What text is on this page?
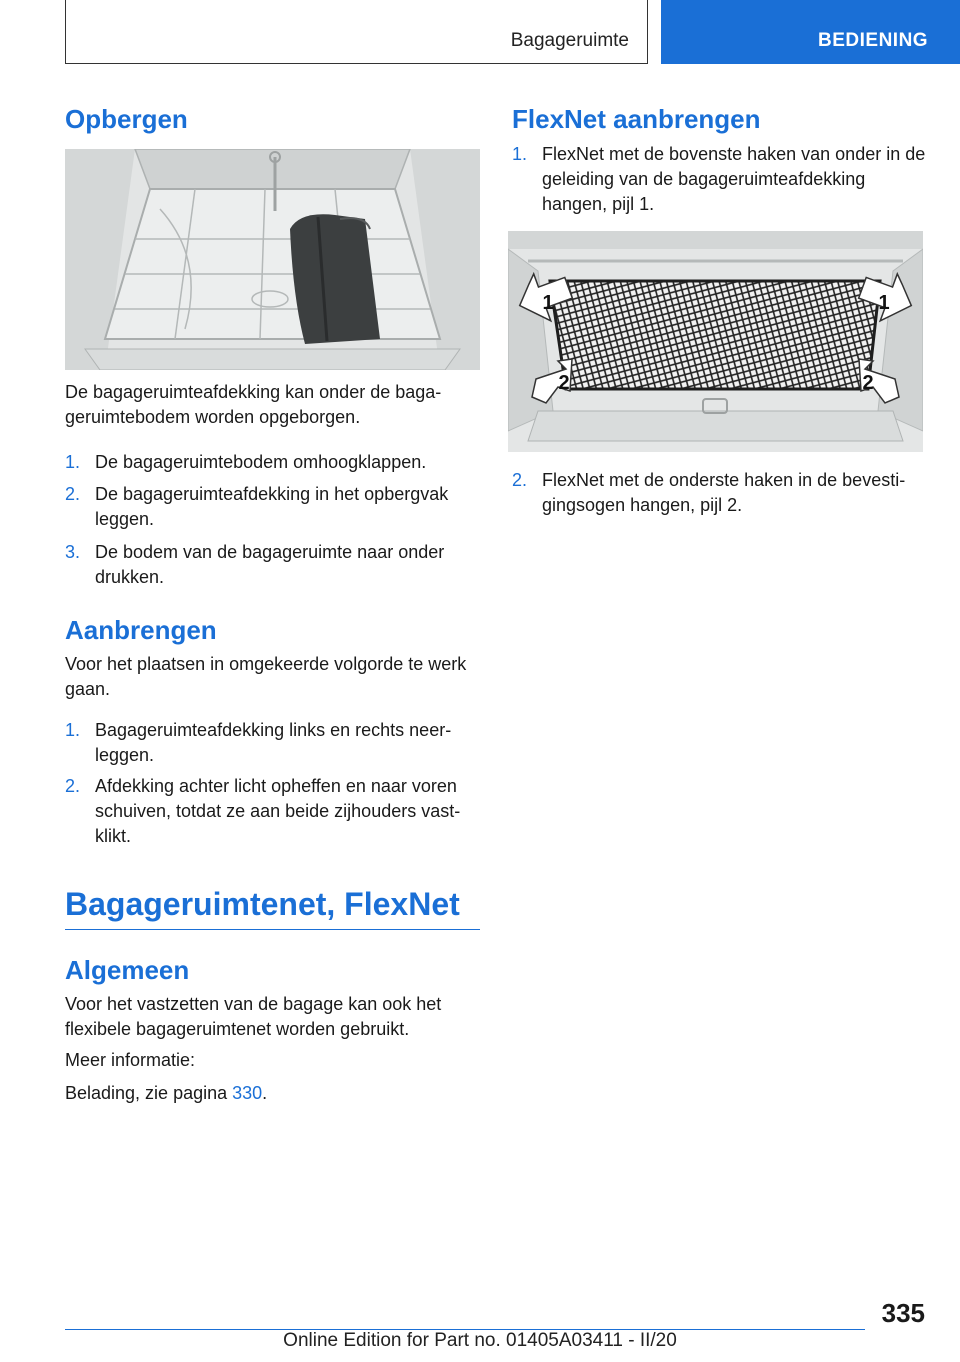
Bagageruimte	BEDIENING
Opbergen

De bagageruimteafdekking kan onder de bagageruimtebodem worden opgeborgen.

1. De bagageruimtebodem omhoogklappen.
2. De bagageruimteafdekking in het opbergvak leggen.
3. De bodem van de bagageruimte naar onder drukken.
Aanbrengen

Voor het plaatsen in omgekeerde volgorde te werk gaan.

1. Bagageruimteafdekking links en rechts neerleggen.
2. Afdekking achter licht opheffen en naar voren schuiven, totdat ze aan beide zijhouders vastklikt.
Bagageruimtenet, FlexNet
Algemeen

Voor het vastzetten van de bagage kan ook het flexibele bagageruimtenet worden gebruikt.

Meer informatie:

Belading, zie pagina 330.

FlexNet aanbrengen
1. FlexNet met de bovenste haken van onder in de geleiding van de bagageruimteafdekking hangen, pijl 1.
1	1
2	2
2. FlexNet met de onderste haken in de bevestigingsogen hangen, pijl 2.
335
Online Edition for Part no. 01405A03411 - II/20
